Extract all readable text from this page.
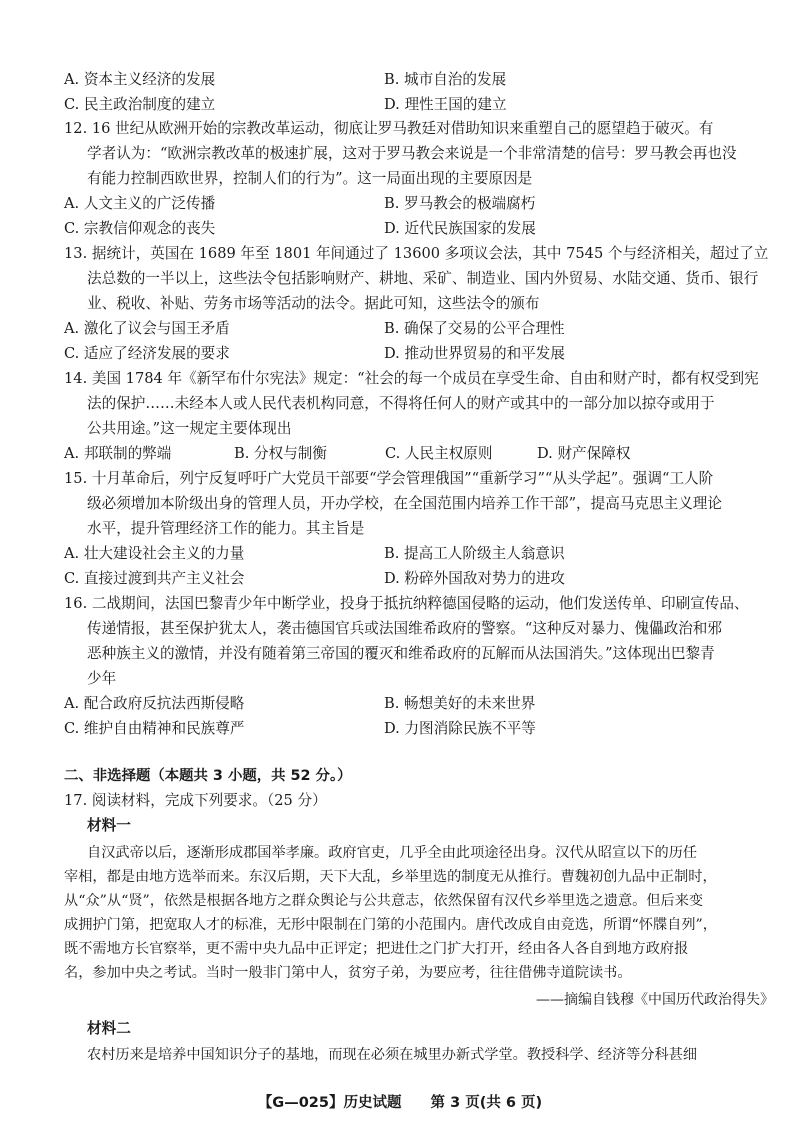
A. 资本主义经济的发展	B. 城市自治的发展
C. 民主政治制度的建立	D. 理性王国的建立
12. 16 世纪从欧洲开始的宗教改革运动，彻底让罗马教廷对借助知识来重塑自己的愿望趋于破灭。有
学者认为：“欧洲宗教改革的极速扩展，这对于罗马教会来说是一个非常清楚的信号：罗马教会再也没
有能力控制西欧世界，控制人们的行为”。这一局面出现的主要原因是
A. 人文主义的广泛传播	B. 罗马教会的极端腐朽
C. 宗教信仰观念的丧失	D. 近代民族国家的发展
13. 据统计，英国在 1689 年至 1801 年间通过了 13600 多项议会法，其中 7545 个与经济相关，超过了立
法总数的一半以上，这些法令包括影响财产、耕地、采矿、制造业、国内外贸易、水陆交通、货币、银行
业、税收、补贴、劳务市场等活动的法令。据此可知，这些法令的颁布
A. 激化了议会与国王矛盾	B. 确保了交易的公平合理性
C. 适应了经济发展的要求	D. 推动世界贸易的和平发展
14. 美国 1784 年《新罕布什尔宪法》规定：“社会的每一个成员在享受生命、自由和财产时，都有权受到宪
法的保护……未经本人或人民代表机构同意，不得将任何人的财产或其中的一部分加以掠夺或用于
公共用途。”这一规定主要体现出
A. 邦联制的弊端	B. 分权与制衡	C. 人民主权原则	D. 财产保障权
15. 十月革命后，列宁反复呼吁广大党员干部要“学会管理俄国”“重新学习”“从头学起”。强调“工人阶
级必须增加本阶级出身的管理人员，开办学校，在全国范围内培养工作干部”，提高马克思主义理论
水平，提升管理经济工作的能力。其主旨是
A. 壮大建设社会主义的力量	B. 提高工人阶级主人翁意识
C. 直接过渡到共产主义社会	D. 粉碎外国敌对势力的进攻
16. 二战期间，法国巴黎青少年中断学业，投身于抵抗纳粹德国侵略的运动，他们发送传单、印刷宣传品、
传递情报，甚至保护犹太人，袭击德国官兵或法国维希政府的警察。“这种反对暴力、傀儡政治和邪
恶种族主义的激情，并没有随着第三帝国的覆灭和维希政府的瓦解而从法国消失。”这体现出巴黎青
少年
A. 配合政府反抗法西斯侵略	B. 畅想美好的未来世界
C. 维护自由精神和民族尊严	D. 力图消除民族不平等
二、非选择题（本题共 3 小题，共 52 分。）
17. 阅读材料，完成下列要求。（25 分）
材料一
自汉武帝以后，逐渐形成郡国举孝廉。政府官吏，几乎全由此项途径出身。汉代从昭宣以下的历任
宰相，都是由地方选举而来。东汉后期，天下大乱，乡举里选的制度无从推行。曹魏初创九品中正制时，
从“众”从“贤”，依然是根据各地方之群众舆论与公共意志，依然保留有汉代乡举里选之遗意。但后来变
成拥护门第，把宽取人才的标准，无形中限制在门第的小范围内。唐代改成自由竞选，所谓“怀牒自列”，
既不需地方长官察举，更不需中央九品中正评定；把进仕之门扩大打开，经由各人各自到地方政府报
名，参加中央之考试。当时一般非门第中人，贫穷子弟，为要应考，往往借佛寺道院读书。
——摘编自钱穆《中国历代政治得失》
材料二
农村历来是培养中国知识分子的基地，而现在必须在城里办新式学堂。教授科学、经济等分科甚细
【G—025】历史试题 第 3 页(共 6 页)
